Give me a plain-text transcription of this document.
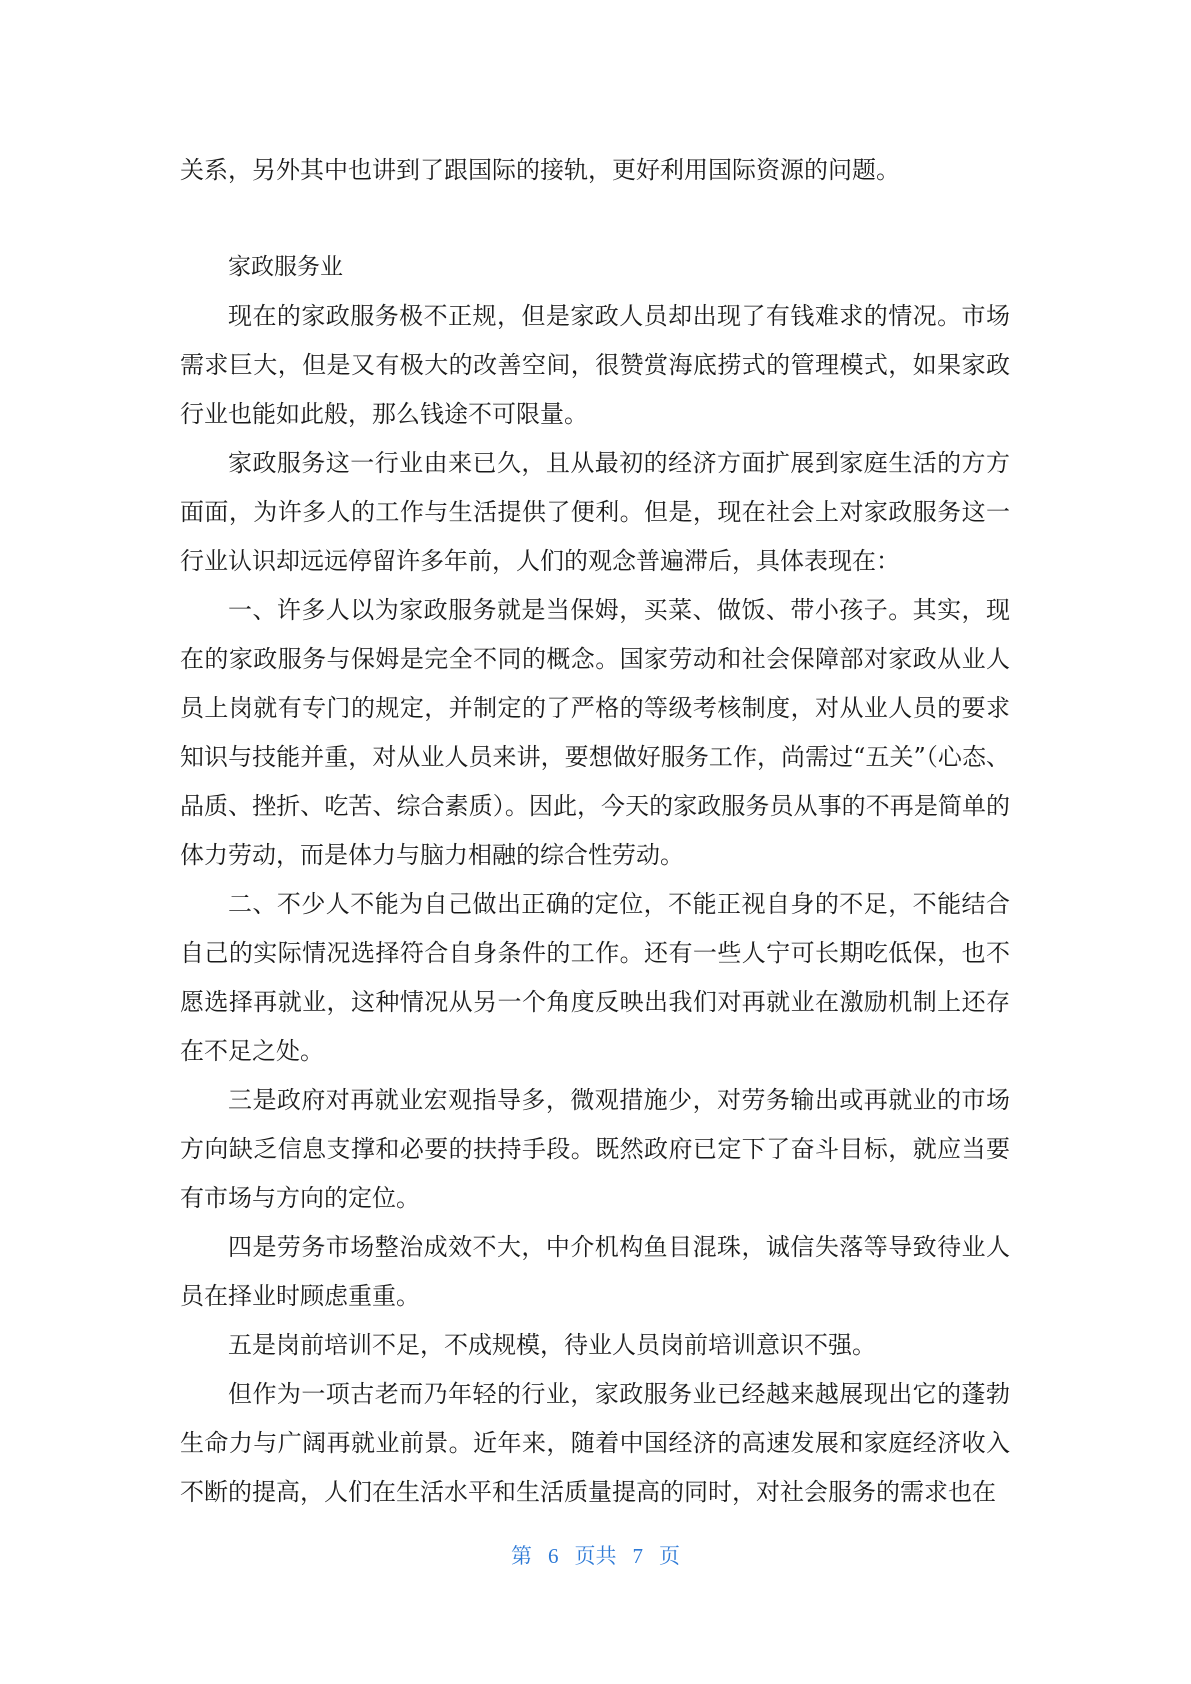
关系，另外其中也讲到了跟国际的接轨，更好利用国际资源的问题。

家政服务业

现在的家政服务极不正规，但是家政人员却出现了有钱难求的情况。市场需求巨大，但是又有极大的改善空间，很赞赏海底捞式的管理模式，如果家政行业也能如此般，那么钱途不可限量。

家政服务这一行业由来已久，且从最初的经济方面扩展到家庭生活的方方面面，为许多人的工作与生活提供了便利。但是，现在社会上对家政服务这一行业认识却远远停留许多年前，人们的观念普遍滞后，具体表现在：

一、许多人以为家政服务就是当保姆，买菜、做饭、带小孩子。其实，现在的家政服务与保姆是完全不同的概念。国家劳动和社会保障部对家政从业人员上岗就有专门的规定，并制定的了严格的等级考核制度，对从业人员的要求知识与技能并重，对从业人员来讲，要想做好服务工作，尚需过“五关”（心态、品质、挫折、吃苦、综合素质）。因此，今天的家政服务员从事的不再是简单的体力劳动，而是体力与脑力相融的综合性劳动。

二、不少人不能为自己做出正确的定位，不能正视自身的不足，不能结合自己的实际情况选择符合自身条件的工作。还有一些人宁可长期吃低保，也不愿选择再就业，这种情况从另一个角度反映出我们对再就业在激励机制上还存在不足之处。

三是政府对再就业宏观指导多，微观措施少，对劳务输出或再就业的市场方向缺乏信息支撑和必要的扶持手段。既然政府已定下了奋斗目标，就应当要有市场与方向的定位。

四是劳务市场整治成效不大，中介机构鱼目混珠，诚信失落等导致待业人员在择业时顾虑重重。

五是岗前培训不足，不成规模，待业人员岗前培训意识不强。

但作为一项古老而乃年轻的行业，家政服务业已经越来越展现出它的蓬勃生命力与广阔再就业前景。近年来，随着中国经济的高速发展和家庭经济收入不断的提高，人们在生活水平和生活质量提高的同时，对社会服务的需求也在

第 6 页共 7 页
